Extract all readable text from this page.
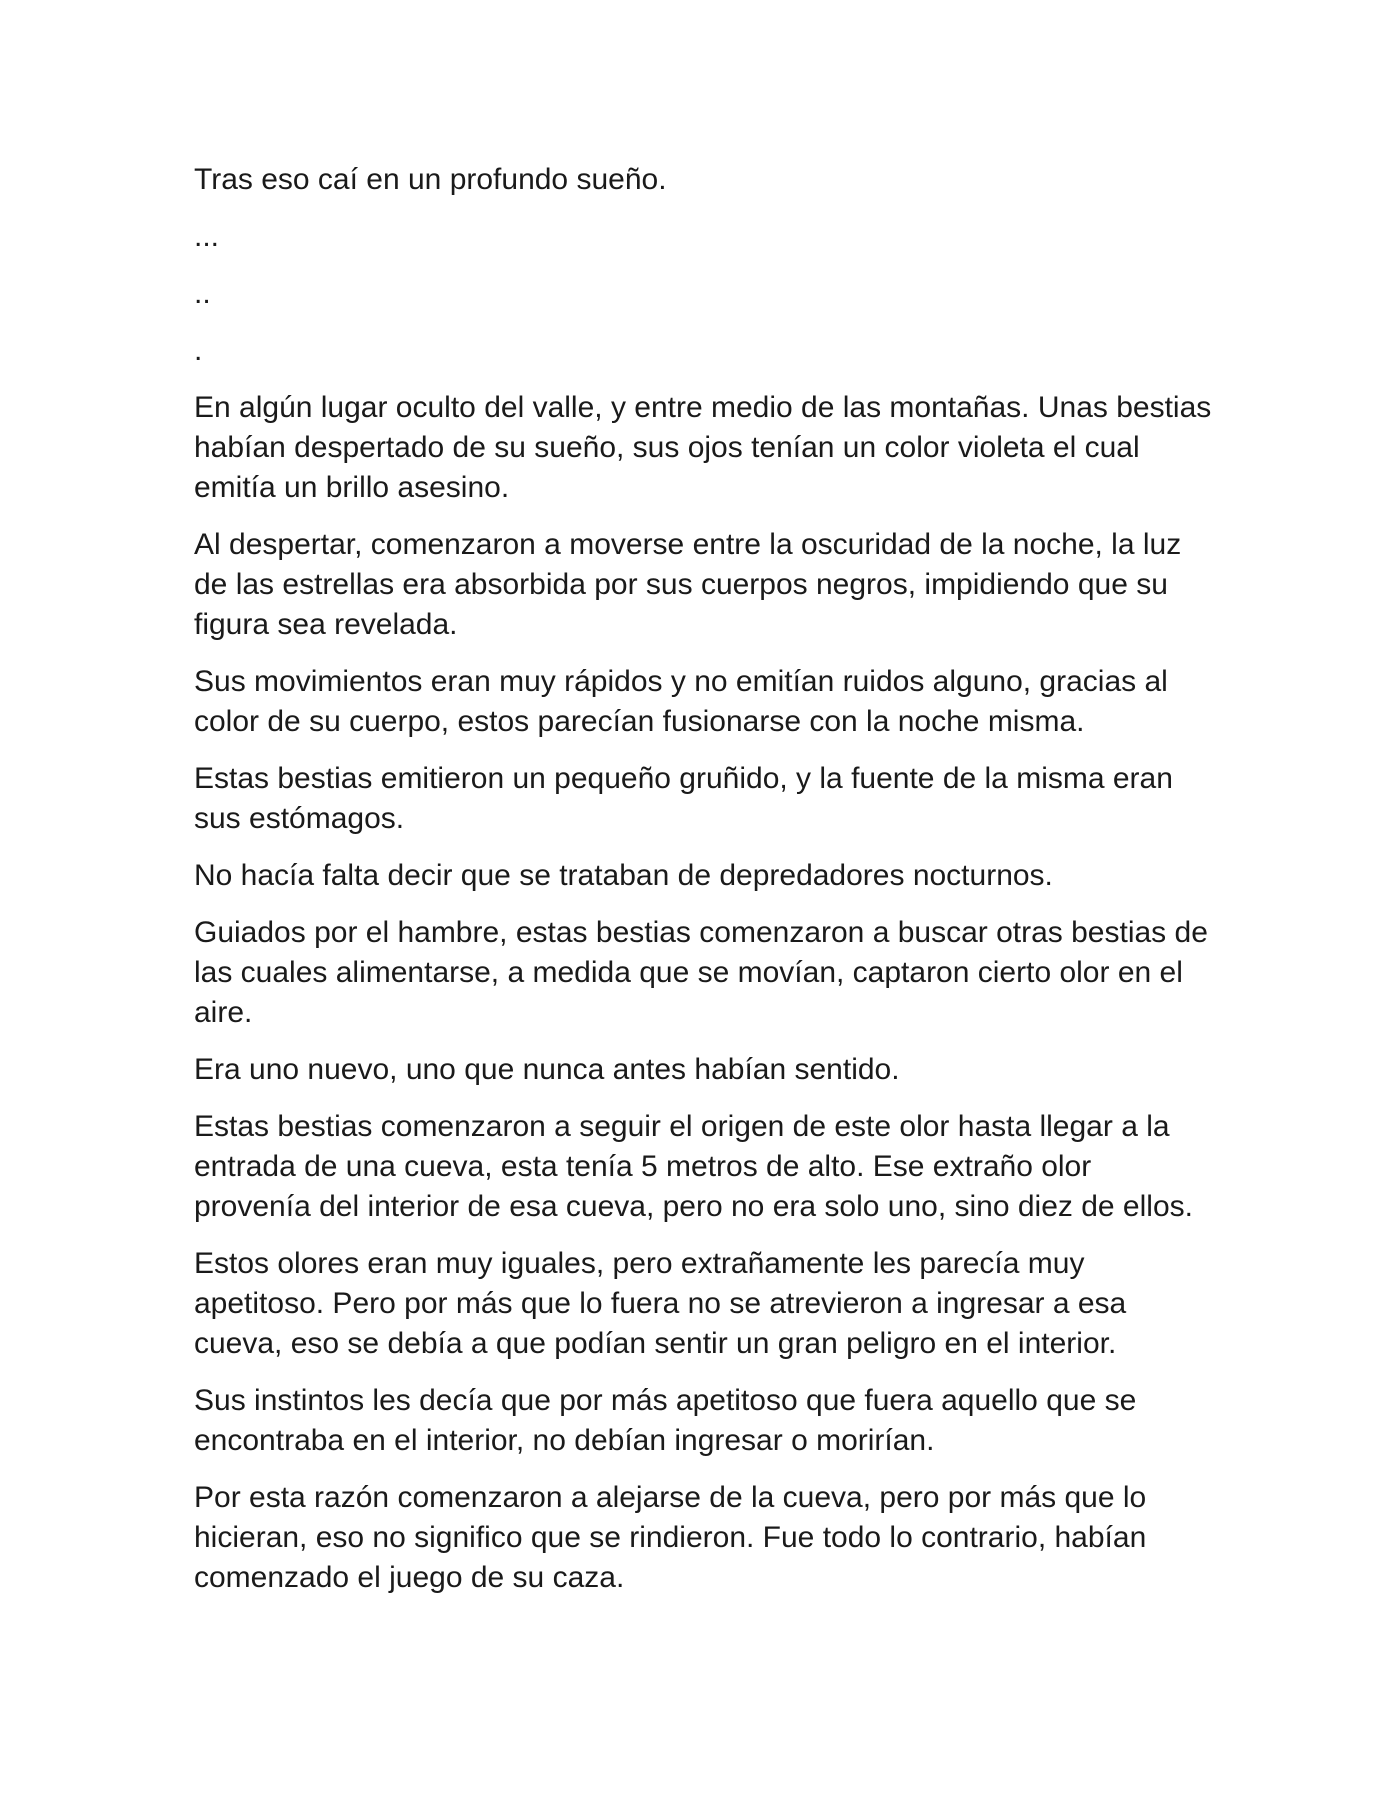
Tras eso caí en un profundo sueño.

...

..

.

En algún lugar oculto del valle, y entre medio de las montañas. Unas bestias habían despertado de su sueño, sus ojos tenían un color violeta el cual emitía un brillo asesino.

Al despertar, comenzaron a moverse entre la oscuridad de la noche, la luz de las estrellas era absorbida por sus cuerpos negros, impidiendo que su figura sea revelada.

Sus movimientos eran muy rápidos y no emitían ruidos alguno, gracias al color de su cuerpo, estos parecían fusionarse con la noche misma.

Estas bestias emitieron un pequeño gruñido, y la fuente de la misma eran sus estómagos.

No hacía falta decir que se trataban de depredadores nocturnos.

Guiados por el hambre, estas bestias comenzaron a buscar otras bestias de las cuales alimentarse, a medida que se movían, captaron cierto olor en el aire.

Era uno nuevo, uno que nunca antes habían sentido.

Estas bestias comenzaron a seguir el origen de este olor hasta llegar a la entrada de una cueva, esta tenía 5 metros de alto. Ese extraño olor provenía del interior de esa cueva, pero no era solo uno, sino diez de ellos.

Estos olores eran muy iguales, pero extrañamente les parecía muy apetitoso. Pero por más que lo fuera no se atrevieron a ingresar a esa cueva, eso se debía a que podían sentir un gran peligro en el interior.

Sus instintos les decía que por más apetitoso que fuera aquello que se encontraba en el interior, no debían ingresar o morirían.

Por esta razón comenzaron a alejarse de la cueva, pero por más que lo hicieran, eso no significo que se rindieron. Fue todo lo contrario, habían comenzado el juego de su caza.
